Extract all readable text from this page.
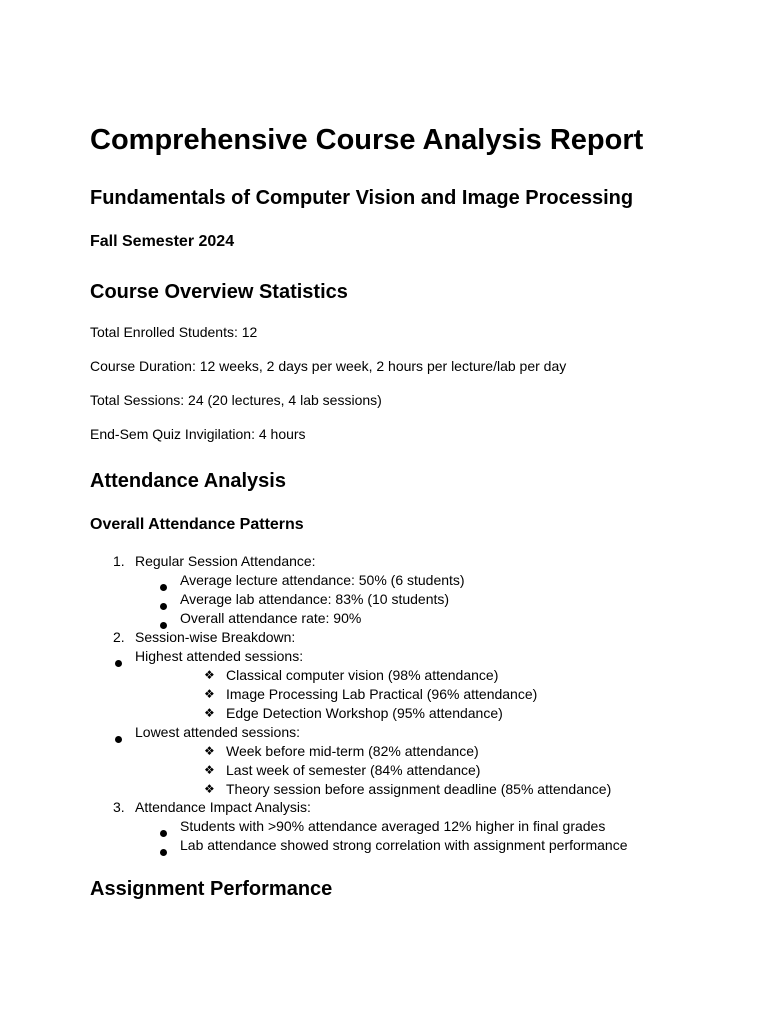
Comprehensive Course Analysis Report
Fundamentals of Computer Vision and Image Processing
Fall Semester 2024
Course Overview Statistics
Total Enrolled Students: 12
Course Duration: 12 weeks, 2 days per week, 2 hours per lecture/lab per day
Total Sessions: 24 (20 lectures, 4 lab sessions)
End-Sem Quiz Invigilation: 4 hours
Attendance Analysis
Overall Attendance Patterns
1. Regular Session Attendance:
Average lecture attendance: 50% (6 students)
Average lab attendance: 83% (10 students)
Overall attendance rate: 90%
2. Session-wise Breakdown:
Highest attended sessions:
❖ Classical computer vision (98% attendance)
❖ Image Processing Lab Practical (96% attendance)
❖ Edge Detection Workshop (95% attendance)
Lowest attended sessions:
❖ Week before mid-term (82% attendance)
❖ Last week of semester (84% attendance)
❖ Theory session before assignment deadline (85% attendance)
3. Attendance Impact Analysis:
Students with >90% attendance averaged 12% higher in final grades
Lab attendance showed strong correlation with assignment performance
Assignment Performance
